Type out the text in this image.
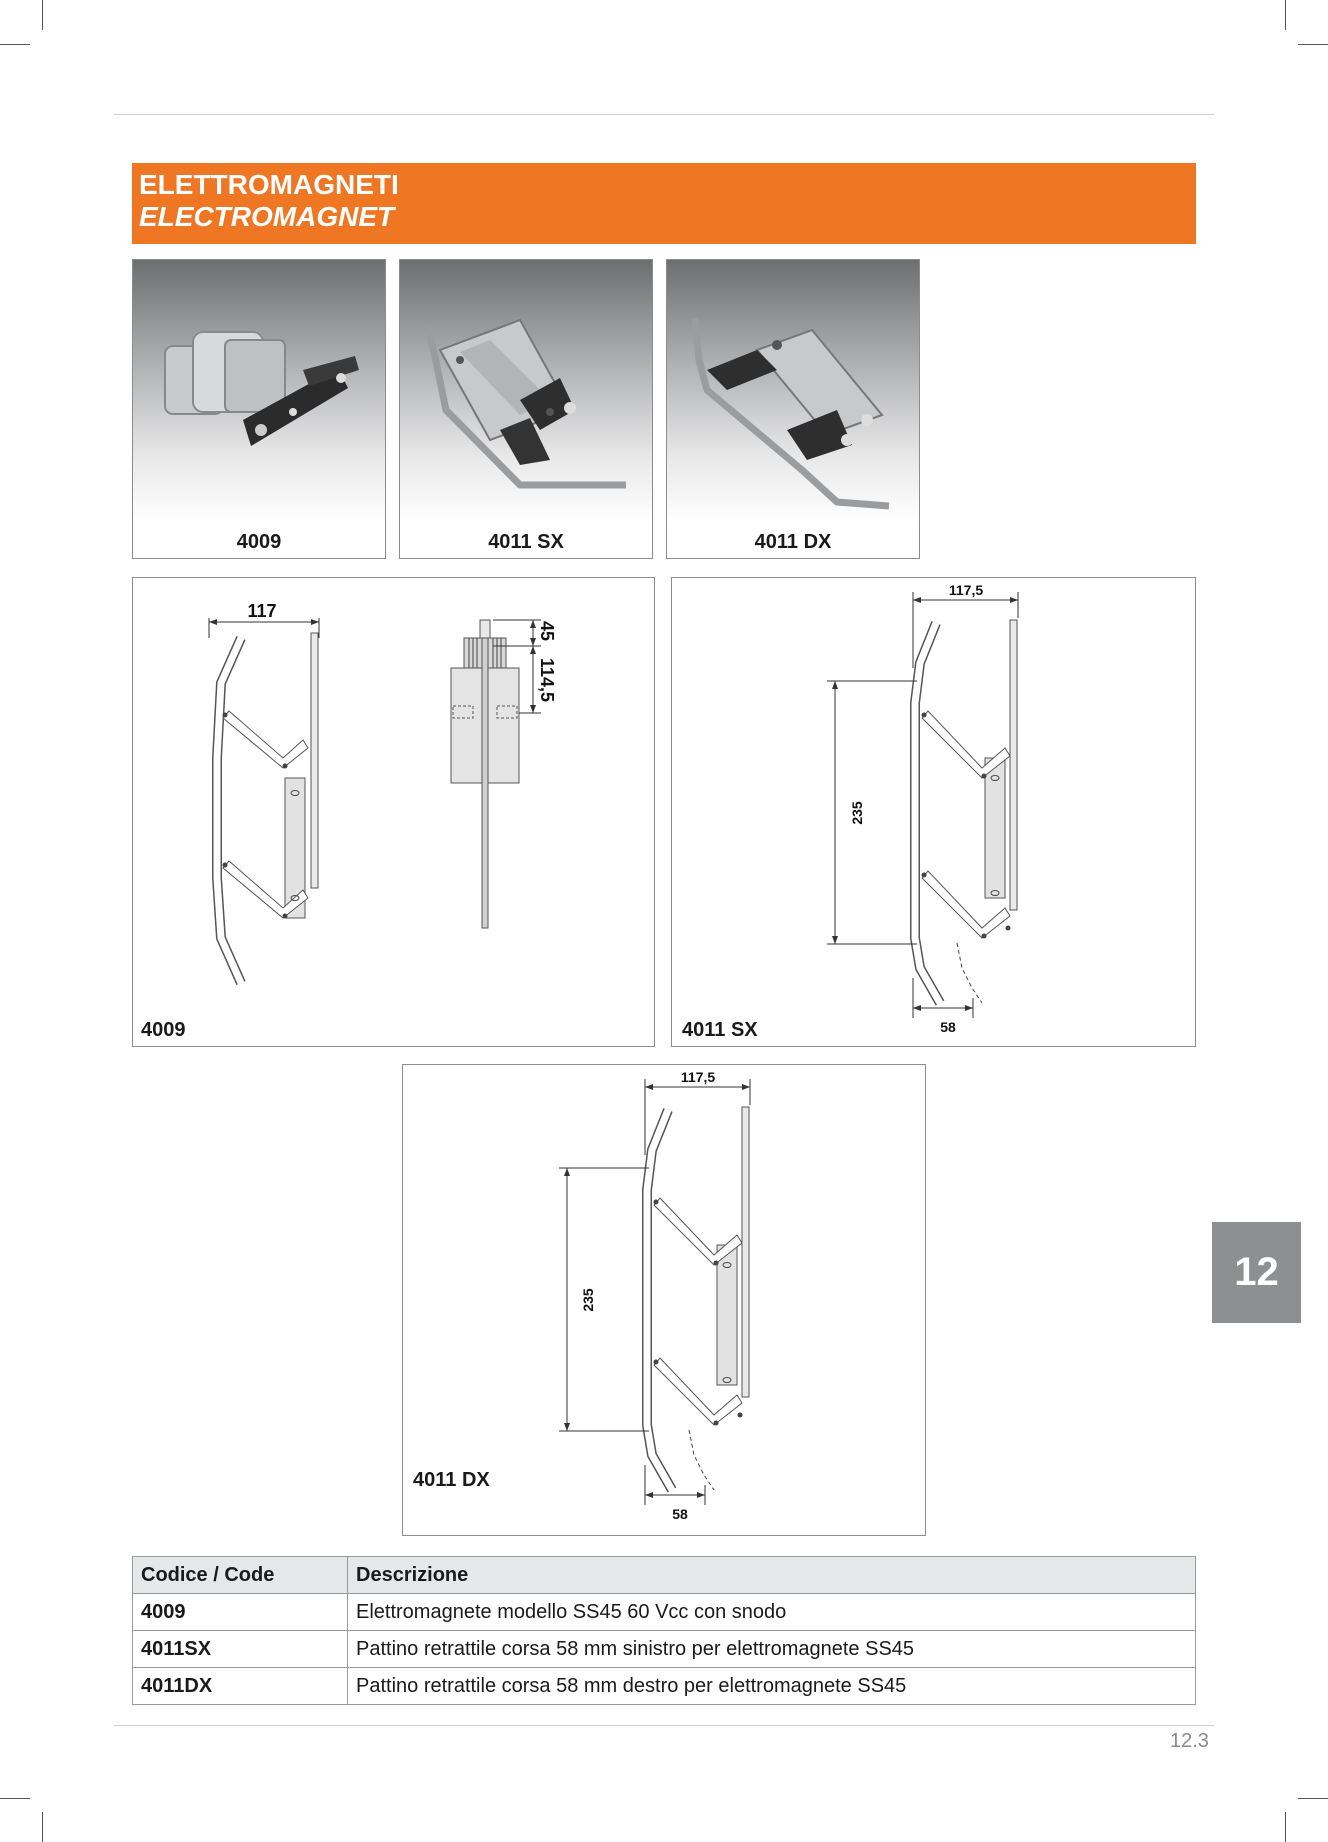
ELETTROMAGNETI
ELECTROMAGNET
4009	4011 SX	4011 DX
45
114,5
117
4009
117,5
235
58
4011 SX
117,5
235
58
4011 DX
Codice / Code	Descrizione
4009	Elettromagnete modello SS45 60 Vcc con snodo
4011SX	Pattino retrattile corsa 58 mm sinistro per elettromagnete SS45
4011DX	Pattino retrattile corsa 58 mm destro per elettromagnete SS45
12
12.3
